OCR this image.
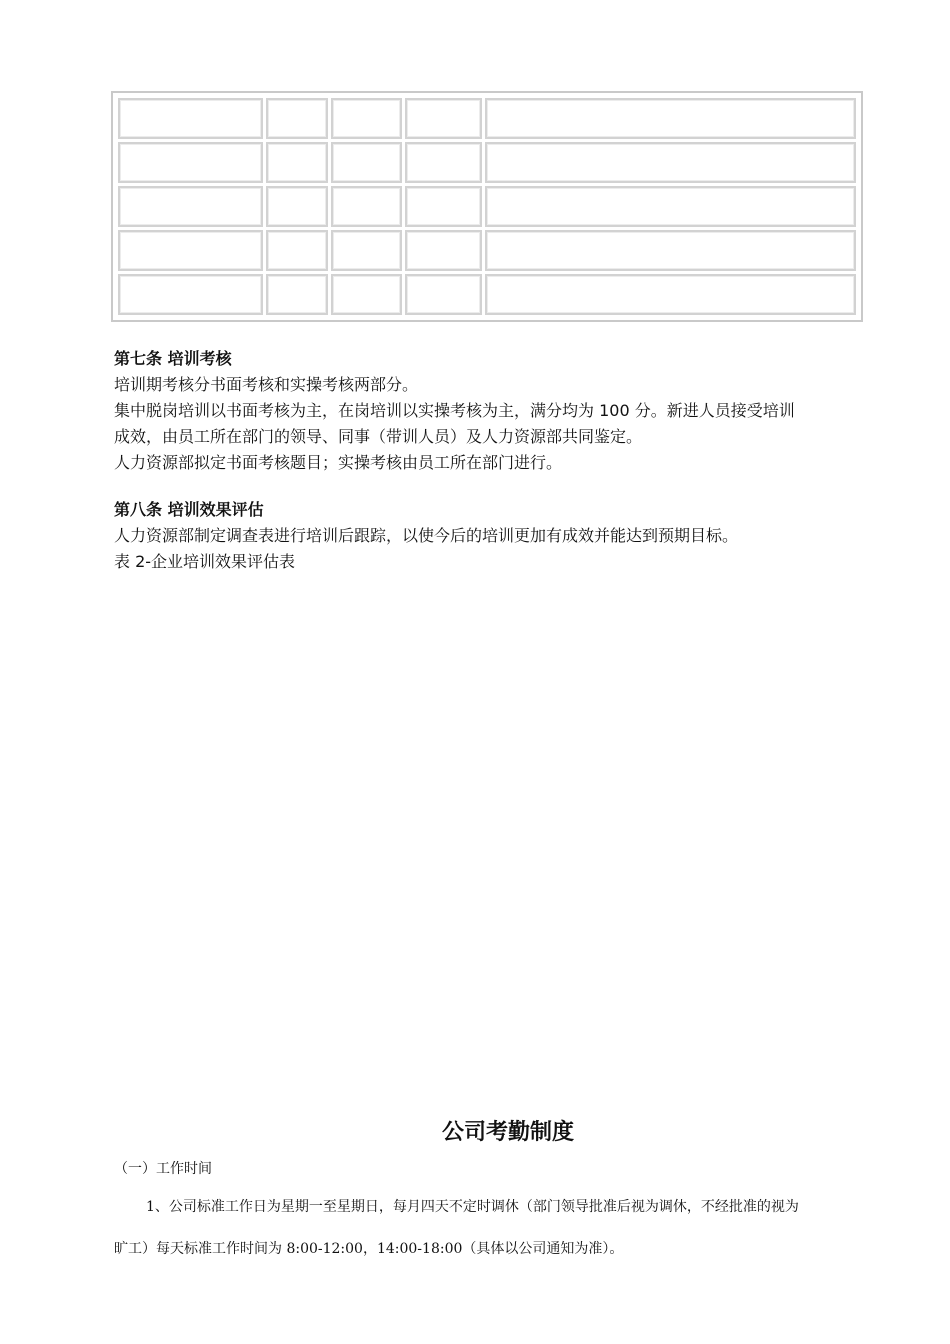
第七条 培训考核

培训期考核分书面考核和实操考核两部分。

集中脱岗培训以书面考核为主，在岗培训以实操考核为主，满分均为 100 分。新进人员接受培训

成效，由员工所在部门的领导、同事（带训人员）及人力资源部共同鉴定。

人力资源部拟定书面考核题目；实操考核由员工所在部门进行。

第八条 培训效果评估

人力资源部制定调查表进行培训后跟踪，以使今后的培训更加有成效并能达到预期目标。

表 2-企业培训效果评估表

公司考勤制度
（一）工作时间
1、公司标准工作日为星期一至星期日，每月四天不定时调休（部门领导批准后视为调休，不经批准的视为
旷工）每天标准工作时间为 8:00-12:00，14:00-18:00（具体以公司通知为准）。
